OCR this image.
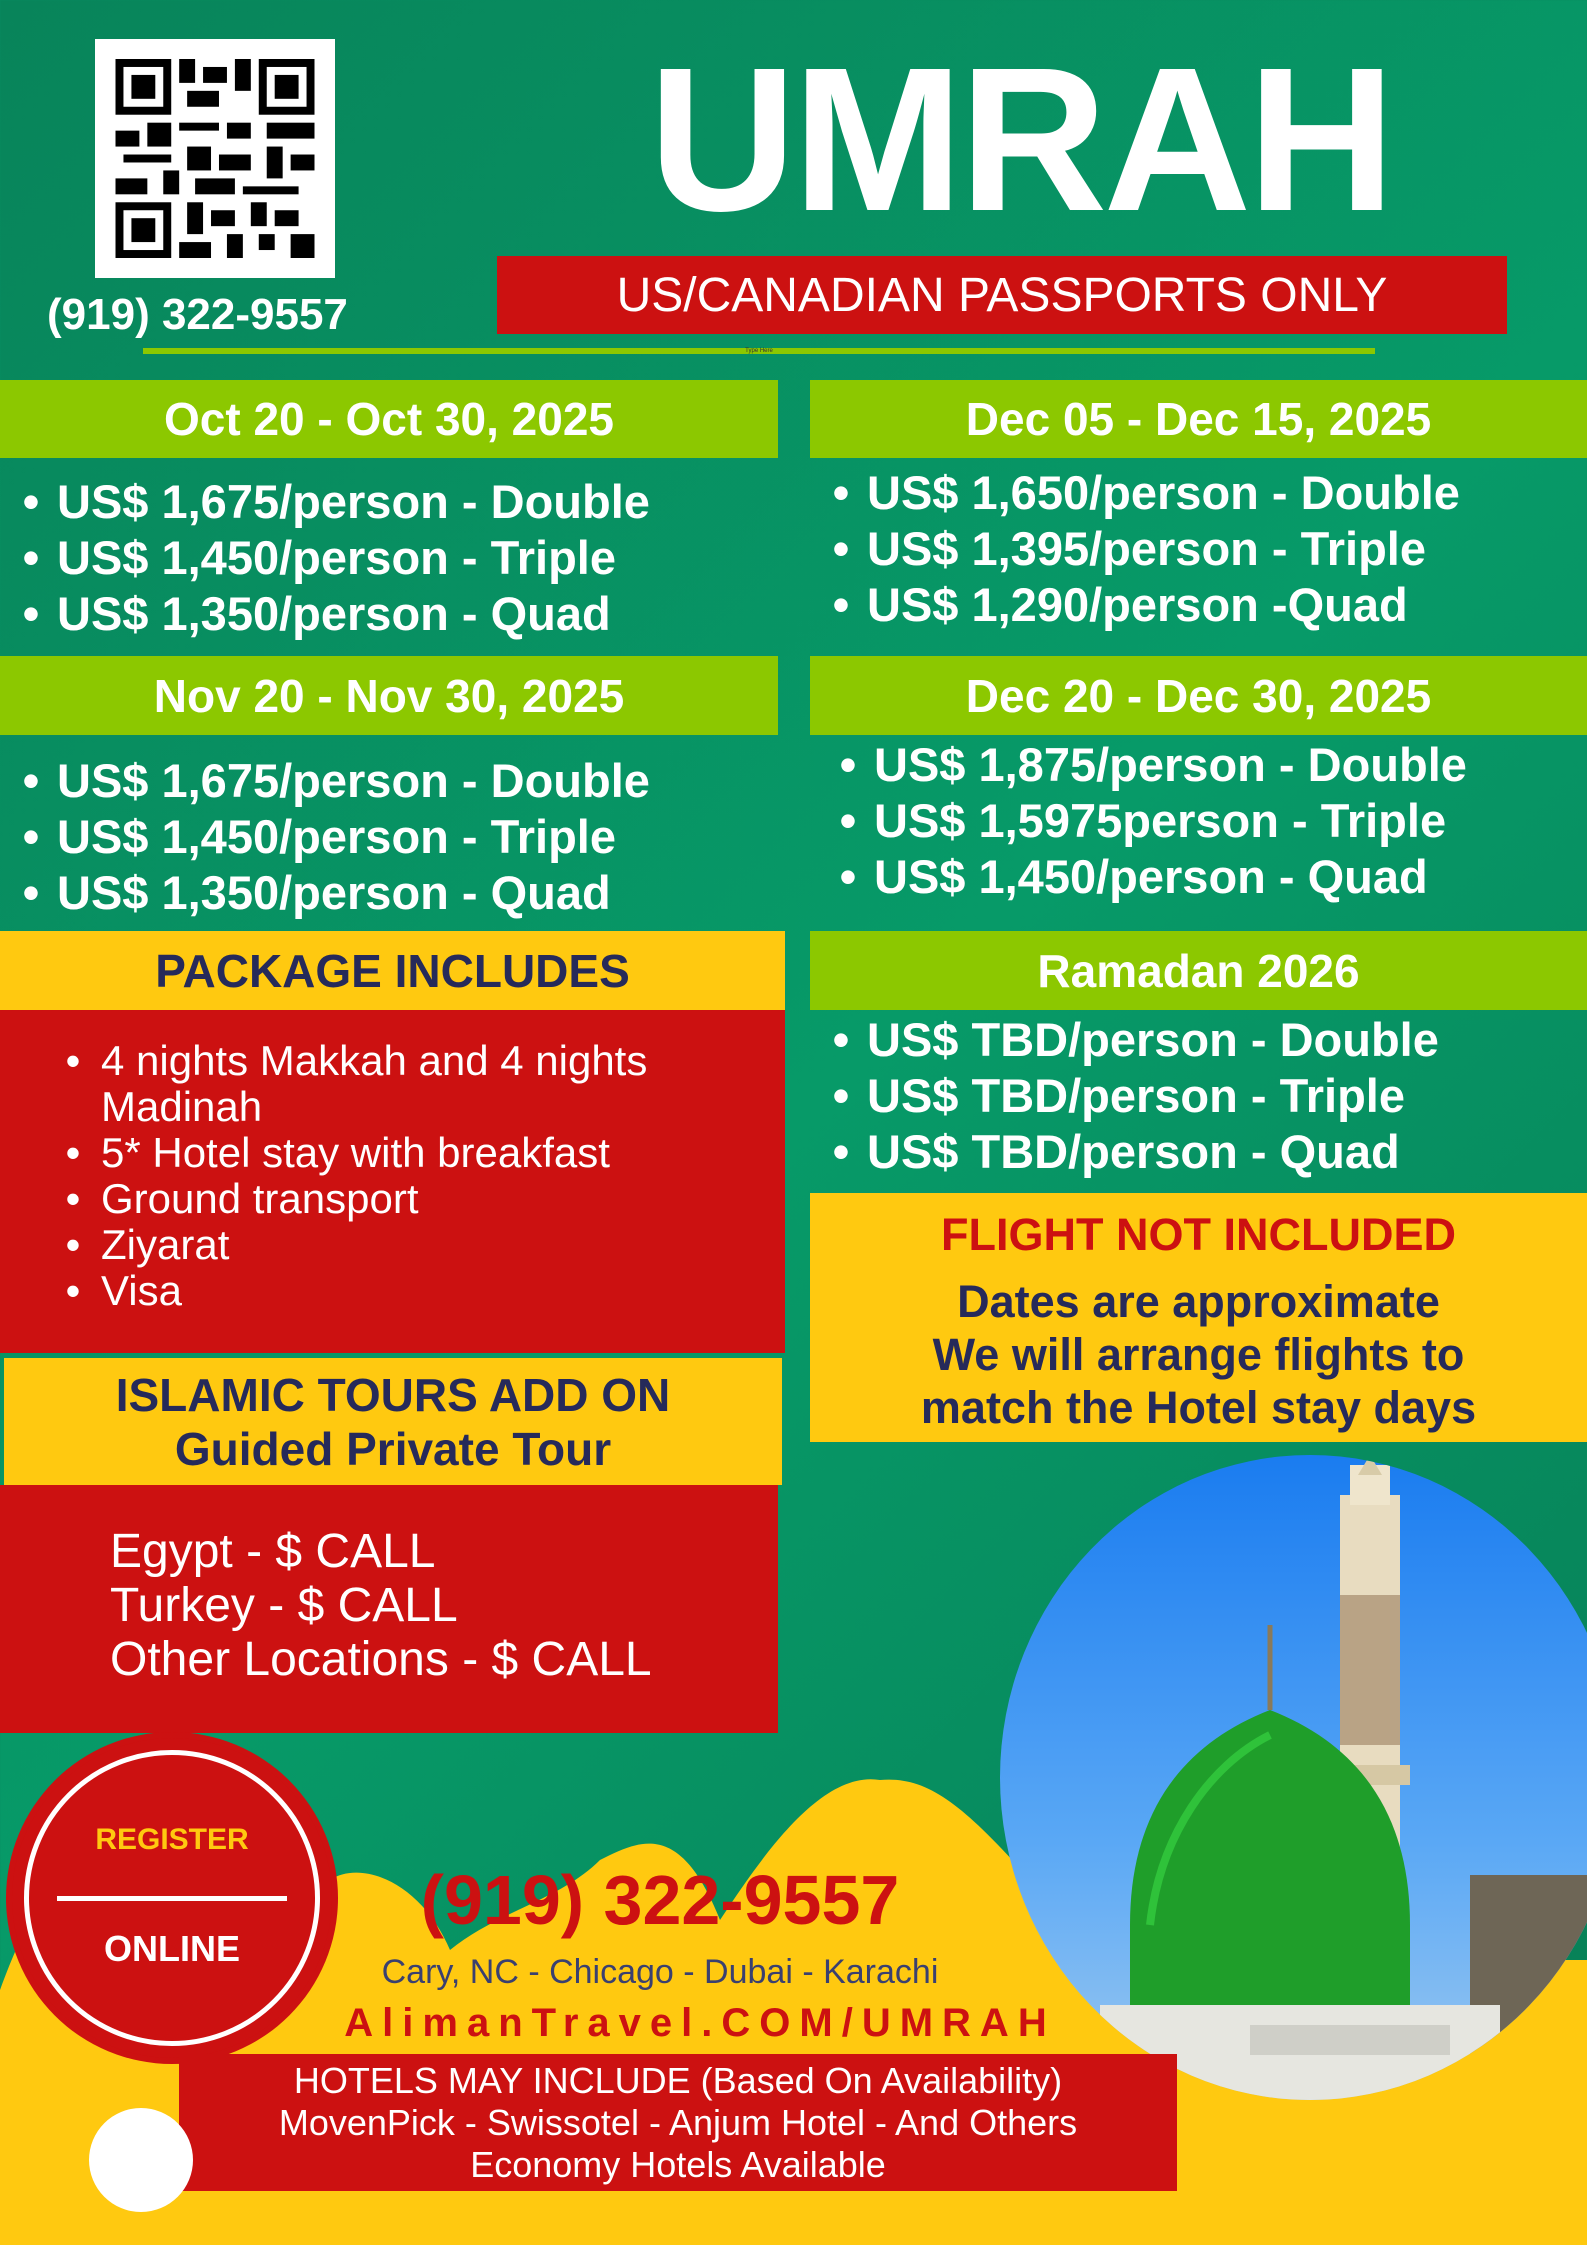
(919) 322-9557
UMRAH
US/CANADIAN PASSPORTS ONLY
Type Here
Oct 20 - Oct 30, 2025
• US$ 1,675/person - Double
• US$ 1,450/person - Triple
• US$ 1,350/person - Quad
Dec 05 - Dec 15, 2025
• US$ 1,650/person - Double
• US$ 1,395/person - Triple
• US$ 1,290/person -Quad
Nov 20 - Nov 30, 2025
• US$ 1,675/person - Double
• US$ 1,450/person - Triple
• US$ 1,350/person - Quad
Dec 20 - Dec 30, 2025
• US$ 1,875/person - Double
• US$ 1,5975person - Triple
• US$ 1,450/person - Quad
PACKAGE INCLUDES
• 4 nights Makkah and 4 nights Madinah
• 5* Hotel stay with breakfast
• Ground transport
• Ziyarat
• Visa
Ramadan 2026
• US$ TBD/person - Double
• US$ TBD/person - Triple
• US$ TBD/person - Quad
FLIGHT NOT INCLUDED
Dates are approximate
We will arrange flights to
match the Hotel stay days
ISLAMIC TOURS ADD ON
Guided Private Tour
Egypt - $ CALL
Turkey - $ CALL
Other Locations - $ CALL
REGISTER
ONLINE
(919) 322-9557
Cary, NC - Chicago - Dubai - Karachi
AlimanTravel.COM/UMRAH
HOTELS MAY INCLUDE (Based On Availability)
MovenPick - Swissotel - Anjum Hotel - And Others
Economy Hotels Available
